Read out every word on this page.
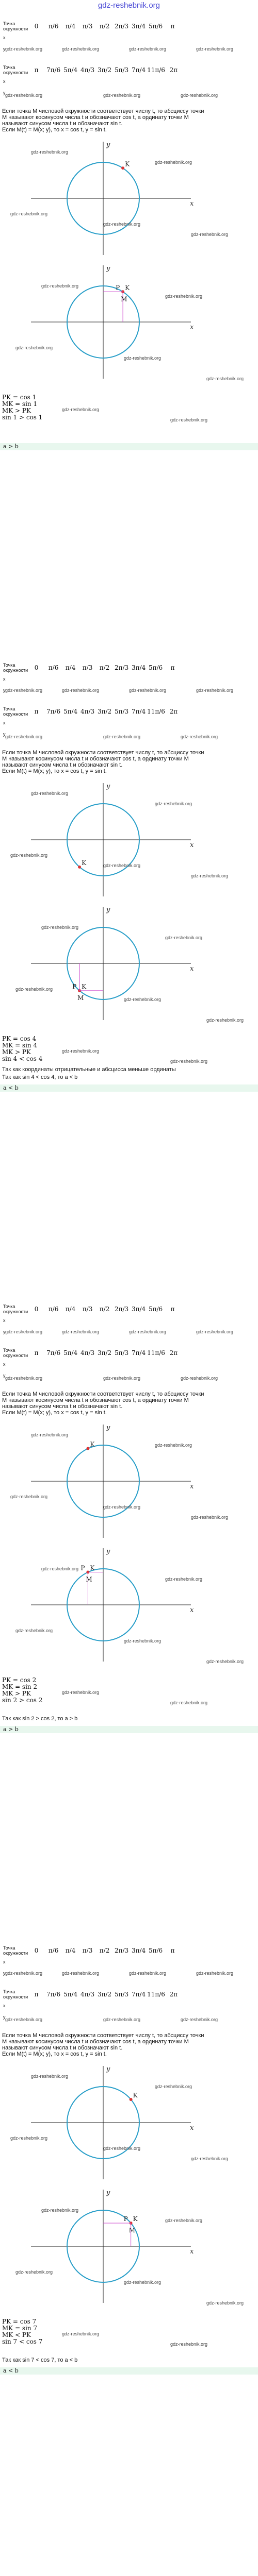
gdz-reshebnik.org
Точка окружности	0	π/6	π/4	π/3	π/2	2π/3	3π/4	5π/6	π
x									
y									
Точка окружности	π	7π/6	5π/4	4π/3	3π/2	5π/3	7π/4	11π/6	2π
x									
y									
Если точка M числовой окружности соответствует числу t, то абсциссу точки
M называют косинусом числа t и обозначают cos t, а ординату точки M
называют синусом числа t и обозначают sin t.
Если M(t) = M(x; y), то x = cos t, y = sin t.
x
y
K
x
y
K
P
M
PK = cos 1
MK = sin 1
MK > PK
sin 1 > cos 1
a > b
gdz-reshebnik.org	gdz-reshebnik.org	gdz-reshebnik.org	gdz-reshebnik.org
gdz-reshebnik.org	gdz-reshebnik.org	gdz-reshebnik.org
gdz-reshebnik.org
gdz-reshebnik.org
gdz-reshebnik.org
gdz-reshebnik.org
gdz-reshebnik.org
gdz-reshebnik.org
gdz-reshebnik.org
gdz-reshebnik.org
gdz-reshebnik.org
gdz-reshebnik.org
gdz-reshebnik.org
gdz-reshebnik.org
Точка окружности	0	π/6	π/4	π/3	π/2	2π/3	3π/4	5π/6	π
x									
y									
Точка окружности	π	7π/6	5π/4	4π/3	3π/2	5π/3	7π/4	11π/6	2π
x									
y									
Если точка M числовой окружности соответствует числу t, то абсциссу точки
M называют косинусом числа t и обозначают cos t, а ординату точки M
называют синусом числа t и обозначают sin t.
Если M(t) = M(x; y), то x = cos t, y = sin t.
x
y
K
x
y
K
P
M
PK = cos 4
MK = sin 4
MK > PK
sin 4 < cos 4
Так как координаты отрицательные и абсцисса меньше ординаты
Так как sin 4 < cos 4, то a < b
a < b
gdz-reshebnik.org	gdz-reshebnik.org	gdz-reshebnik.org	gdz-reshebnik.org
gdz-reshebnik.org	gdz-reshebnik.org	gdz-reshebnik.org
gdz-reshebnik.org
gdz-reshebnik.org
gdz-reshebnik.org
gdz-reshebnik.org
gdz-reshebnik.org
gdz-reshebnik.org
gdz-reshebnik.org
gdz-reshebnik.org
gdz-reshebnik.org
gdz-reshebnik.org
gdz-reshebnik.org
gdz-reshebnik.org
Точка окружности	0	π/6	π/4	π/3	π/2	2π/3	3π/4	5π/6	π
x									
y									
Точка окружности	π	7π/6	5π/4	4π/3	3π/2	5π/3	7π/4	11π/6	2π
x									
y									
Если точка M числовой окружности соответствует числу t, то абсциссу точки
M называют косинусом числа t и обозначают cos t, а ординату точки M
называют синусом числа t и обозначают sin t.
Если M(t) = M(x; y), то x = cos t, y = sin t.
x
y
K
x
y
K
P
M
PK = cos 2
MK = sin 2
MK > PK
sin 2 > cos 2
Так как sin 2 > cos 2, то a > b
a > b
gdz-reshebnik.org	gdz-reshebnik.org	gdz-reshebnik.org	gdz-reshebnik.org
gdz-reshebnik.org	gdz-reshebnik.org	gdz-reshebnik.org
gdz-reshebnik.org
gdz-reshebnik.org
gdz-reshebnik.org
gdz-reshebnik.org
gdz-reshebnik.org
gdz-reshebnik.org
gdz-reshebnik.org
gdz-reshebnik.org
gdz-reshebnik.org
gdz-reshebnik.org
gdz-reshebnik.org
gdz-reshebnik.org
Точка окружности	0	π/6	π/4	π/3	π/2	2π/3	3π/4	5π/6	π
x									
y									
Точка окружности	π	7π/6	5π/4	4π/3	3π/2	5π/3	7π/4	11π/6	2π
x									
y									
Если точка M числовой окружности соответствует числу t, то абсциссу точки
M называют косинусом числа t и обозначают cos t, а ординату точки M
называют синусом числа t и обозначают sin t.
Если M(t) = M(x; y), то x = cos t, y = sin t.
x
y
K
x
y
K
P
M
PK = cos 7
MK = sin 7
MK < PK
sin 7 < cos 7
Так как sin 7 < cos 7, то a < b
a < b
gdz-reshebnik.org	gdz-reshebnik.org	gdz-reshebnik.org	gdz-reshebnik.org
gdz-reshebnik.org	gdz-reshebnik.org	gdz-reshebnik.org
gdz-reshebnik.org
gdz-reshebnik.org
gdz-reshebnik.org
gdz-reshebnik.org
gdz-reshebnik.org
gdz-reshebnik.org
gdz-reshebnik.org
gdz-reshebnik.org
gdz-reshebnik.org
gdz-reshebnik.org
gdz-reshebnik.org
gdz-reshebnik.org
